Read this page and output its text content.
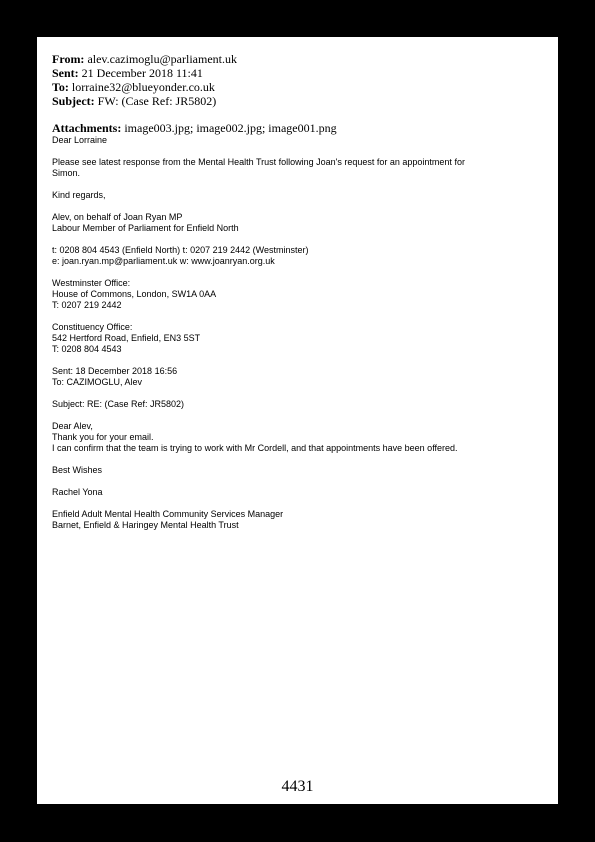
From: alev.cazimoglu@parliament.uk
Sent: 21 December 2018 11:41
To: lorraine32@blueyonder.co.uk
Subject: FW: (Case Ref: JR5802)
Attachments: image003.jpg; image002.jpg; image001.png

Dear Lorraine

Please see latest response from the Mental Health Trust following Joan's request for an appointment for
Simon.

Kind regards,

Alev, on behalf of Joan Ryan MP
Labour Member of Parliament for Enfield North

t: 0208 804 4543 (Enfield North) t: 0207 219 2442 (Westminster)
e: joan.ryan.mp@parliament.uk w: www.joanryan.org.uk

Westminster Office:
House of Commons, London, SW1A 0AA
T: 0207 219 2442

Constituency Office:
542 Hertford Road, Enfield, EN3 5ST
T: 0208 804 4543

Sent: 18 December 2018 16:56
To: CAZIMOGLU, Alev

Subject: RE: (Case Ref: JR5802)

Dear Alev,
Thank you for your email.
I can confirm that the team is trying to work with Mr Cordell, and that appointments have been offered.

Best Wishes

Rachel Yona

Enfield Adult Mental Health Community Services Manager
Barnet, Enfield & Haringey Mental Health Trust

4431
